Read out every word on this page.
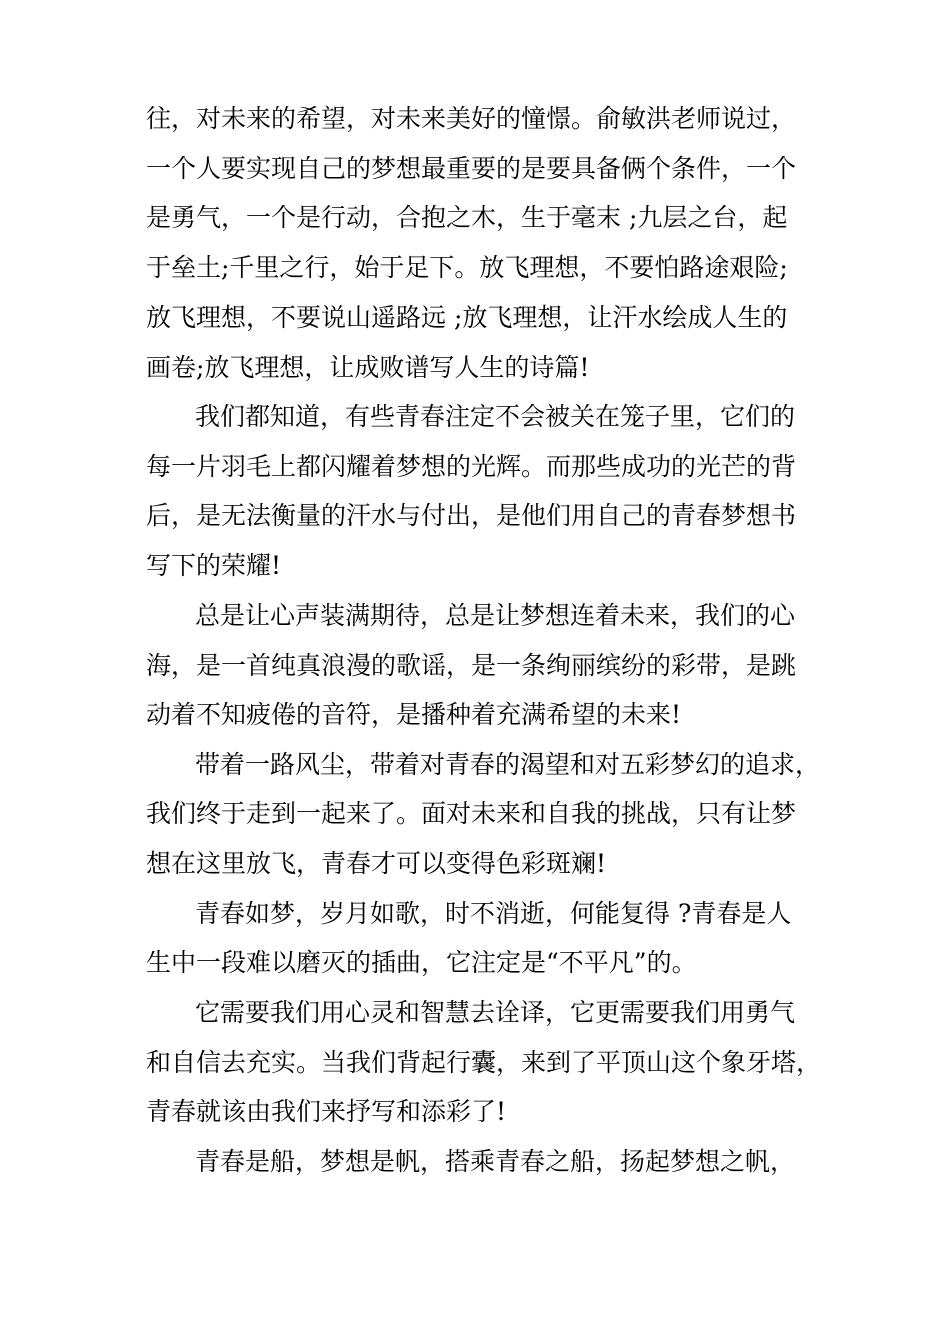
往，对未来的希望，对未来美好的憧憬。俞敏洪老师说过，
一个人要实现自己的梦想最重要的是要具备俩个条件，一个
是勇气，一个是行动，合抱之木，生于毫末 ;九层之台，起
于垒土;千里之行，始于足下。放飞理想，不要怕路途艰险;
放飞理想，不要说山遥路远 ;放飞理想，让汗水绘成人生的
画卷;放飞理想，让成败谱写人生的诗篇!
我们都知道，有些青春注定不会被关在笼子里，它们的
每一片羽毛上都闪耀着梦想的光辉。而那些成功的光芒的背
后，是无法衡量的汗水与付出，是他们用自己的青春梦想书
写下的荣耀!
总是让心声装满期待，总是让梦想连着未来，我们的心
海，是一首纯真浪漫的歌谣，是一条绚丽缤纷的彩带，是跳
动着不知疲倦的音符，是播种着充满希望的未来!
带着一路风尘，带着对青春的渴望和对五彩梦幻的追求，
我们终于走到一起来了。面对未来和自我的挑战，只有让梦
想在这里放飞，青春才可以变得色彩斑斓!
青春如梦，岁月如歌，时不消逝，何能复得 ?青春是人
生中一段难以磨灭的插曲，它注定是“不平凡”的。
它需要我们用心灵和智慧去诠译，它更需要我们用勇气
和自信去充实。当我们背起行囊，来到了平顶山这个象牙塔，
青春就该由我们来抒写和添彩了!
青春是船，梦想是帆，搭乘青春之船，扬起梦想之帆，
